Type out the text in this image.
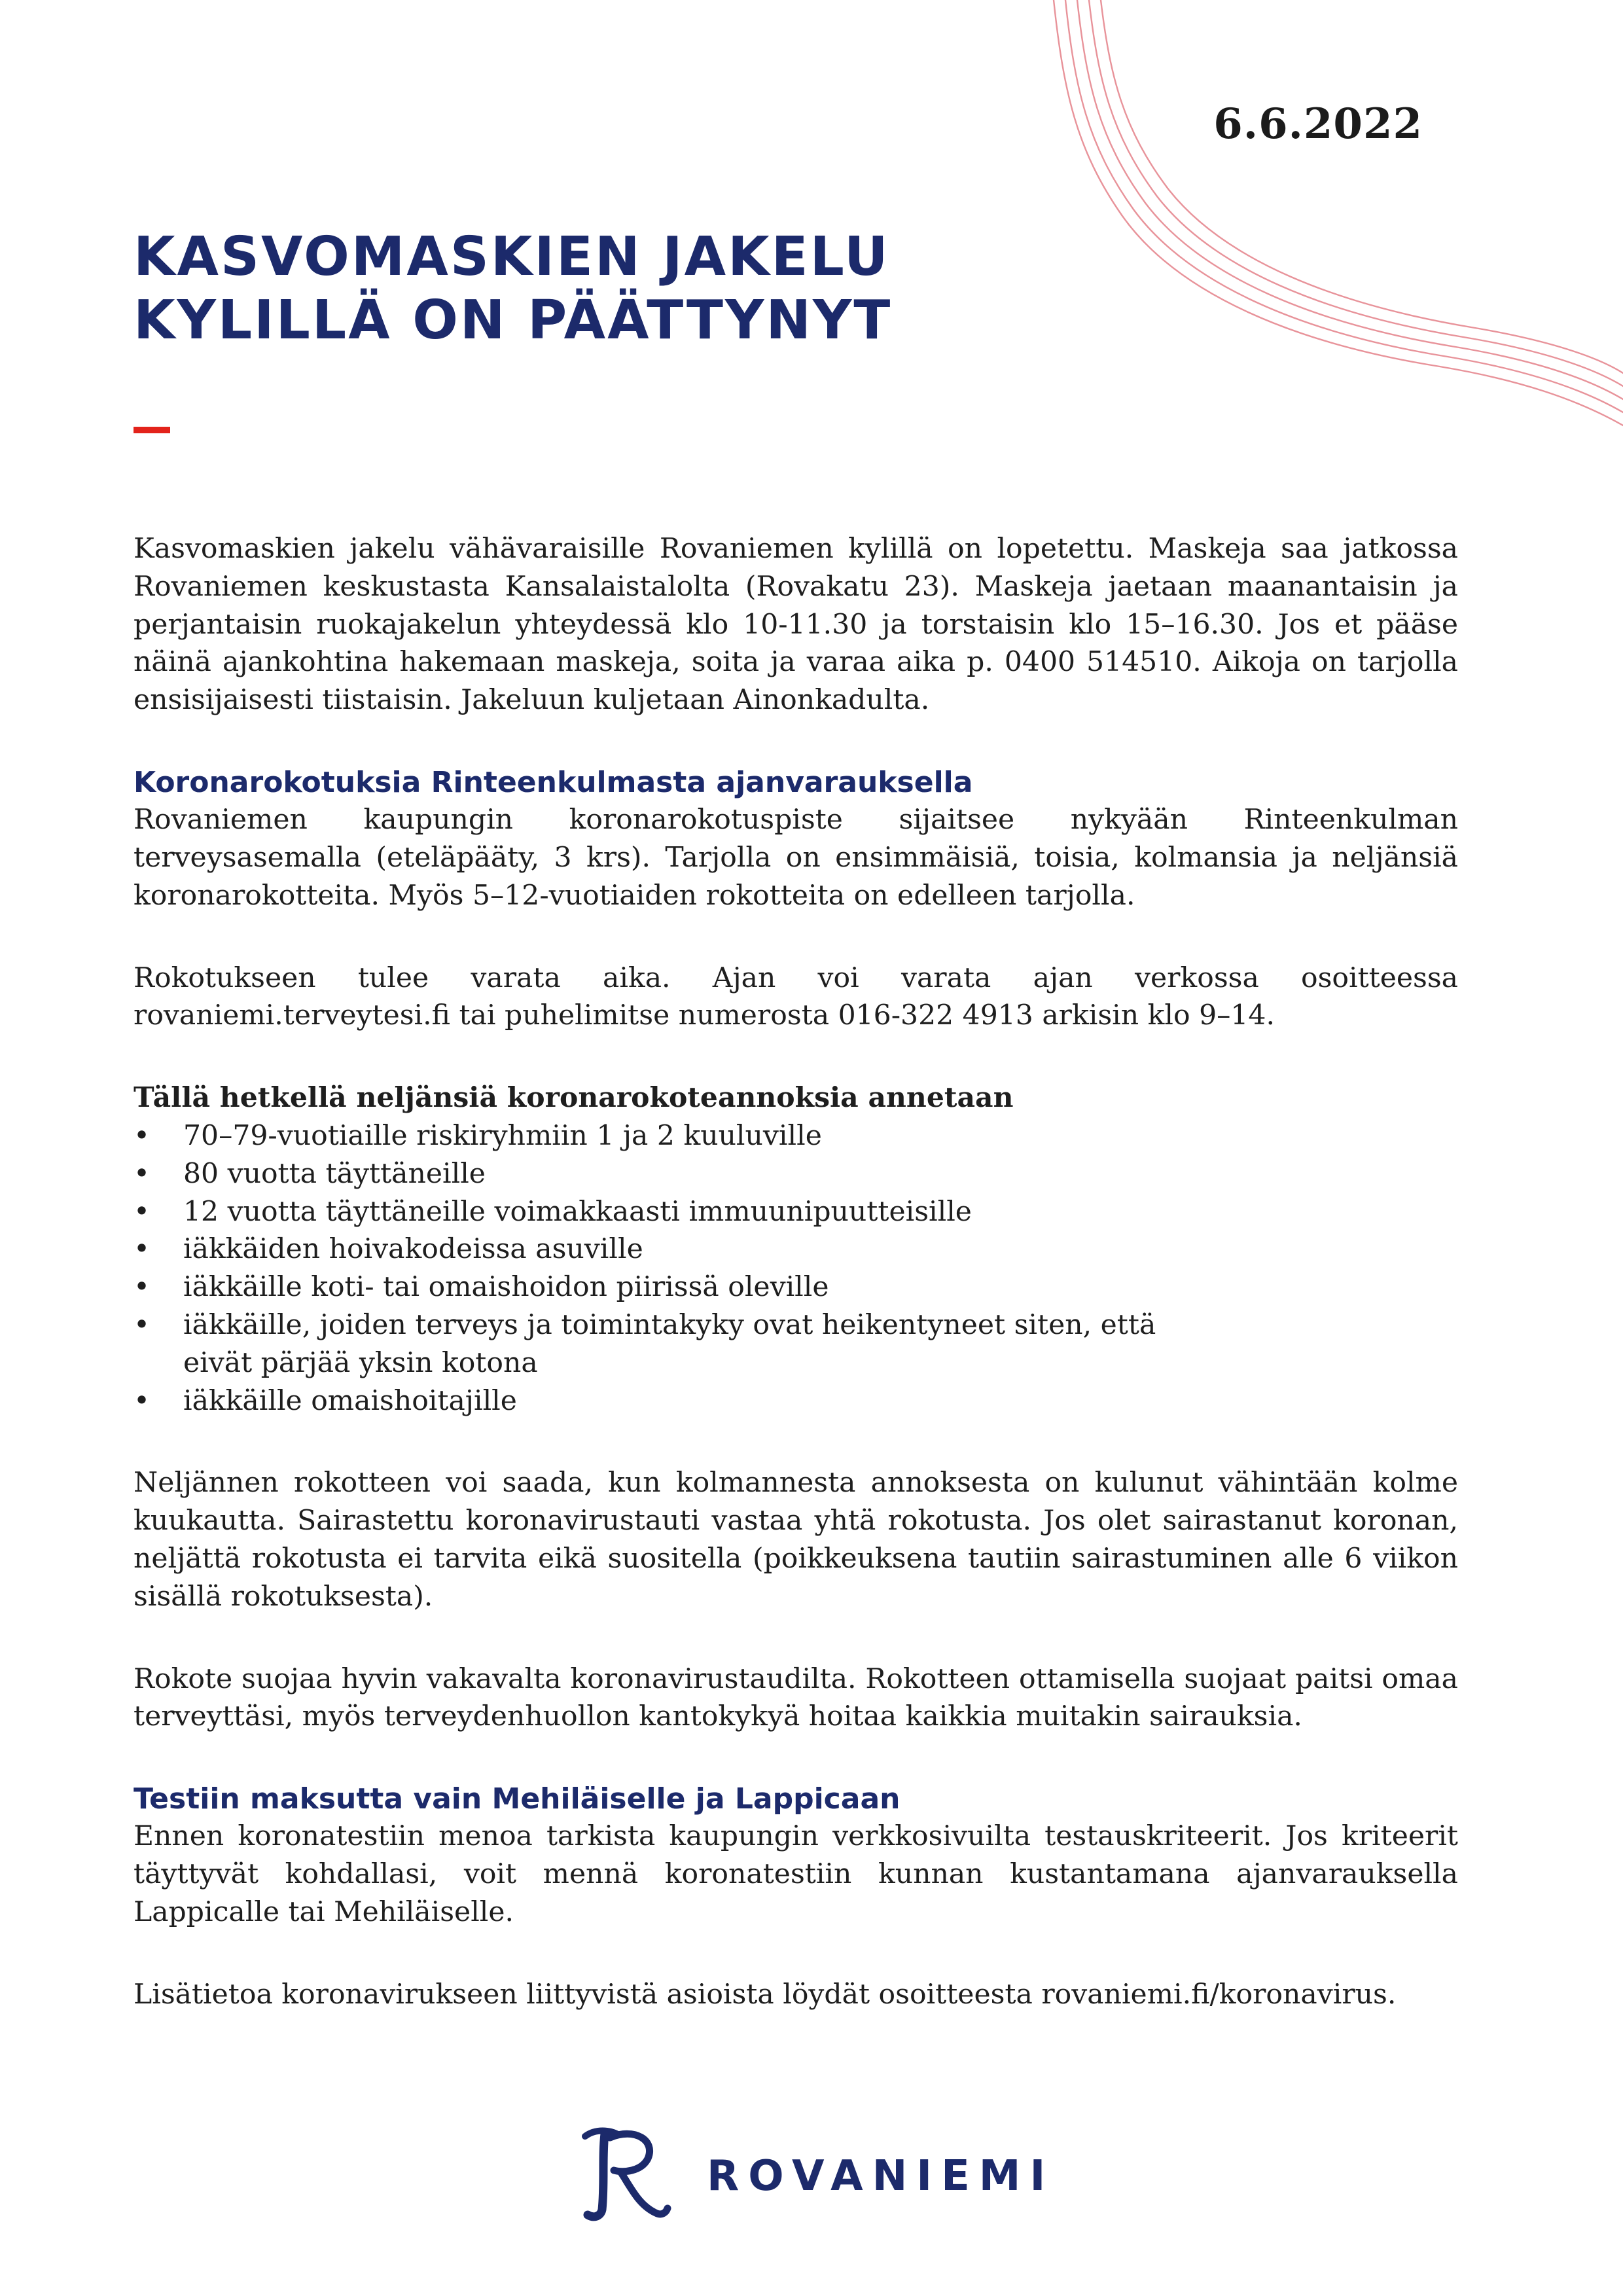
6.6.2022
KASVOMASKIEN JAKELU
KYLILLÄ ON PÄÄTTYNYT

Kasvomaskien jakelu vähävaraisille Rovaniemen kylillä on lopetettu. Maskeja saa jatkossa Rovaniemen keskustasta Kansalaistalolta (Rovakatu 23). Maskeja jaetaan maanantaisin ja perjantaisin ruokajakelun yhteydessä klo 10-11.30 ja torstaisin klo 15–16.30. Jos et pääse näinä ajankohtina hakemaan maskeja, soita ja varaa aika p. 0400 514510. Aikoja on tarjolla ensisijaisesti tiistaisin. Jakeluun kuljetaan Ainonkadulta.

Koronarokotuksia Rinteenkulmasta ajanvarauksella

Rovaniemen kaupungin koronarokotuspiste sijaitsee nykyään Rinteenkulman terveysasemalla (eteläpääty, 3 krs). Tarjolla on ensimmäisiä, toisia, kolmansia ja neljänsiä koronarokotteita. Myös 5–12-vuotiaiden rokotteita on edelleen tarjolla.

Rokotukseen tulee varata aika. Ajan voi varata ajan verkossa osoitteessa rovaniemi.terveytesi.fi tai puhelimitse numerosta 016-322 4913 arkisin klo 9–14.

Tällä hetkellä neljänsiä koronarokoteannoksia annetaan
• 70–79-vuotiaille riskiryhmiin 1 ja 2 kuuluville
• 80 vuotta täyttäneille
• 12 vuotta täyttäneille voimakkaasti immuunipuutteisille
• iäkkäiden hoivakodeissa asuville
• iäkkäille koti- tai omaishoidon piirissä oleville
• iäkkäille, joiden terveys ja toimintakyky ovat heikentyneet siten, että eivät pärjää yksin kotona
• iäkkäille omaishoitajille

Neljännen rokotteen voi saada, kun kolmannesta annoksesta on kulunut vähintään kolme kuukautta. Sairastettu koronavirustauti vastaa yhtä rokotusta. Jos olet sairastanut koronan, neljättä rokotusta ei tarvita eikä suositella (poikkeuksena tautiin sairastuminen alle 6 viikon sisällä rokotuksesta).

Rokote suojaa hyvin vakavalta koronavirustaudilta. Rokotteen ottamisella suojaat paitsi omaa terveyttäsi, myös terveydenhuollon kantokykyä hoitaa kaikkia muitakin sairauksia.

Testiin maksutta vain Mehiläiselle ja Lappicaan

Ennen koronatestiin menoa tarkista kaupungin verkkosivuilta testauskriteerit. Jos kriteerit täyttyvät kohdallasi, voit mennä koronatestiin kunnan kustantamana ajanvarauksella Lappicalle tai Mehiläiselle.

Lisätietoa koronavirukseen liittyvistä asioista löydät osoitteesta rovaniemi.fi/koronavirus.

ROVANIEMI
